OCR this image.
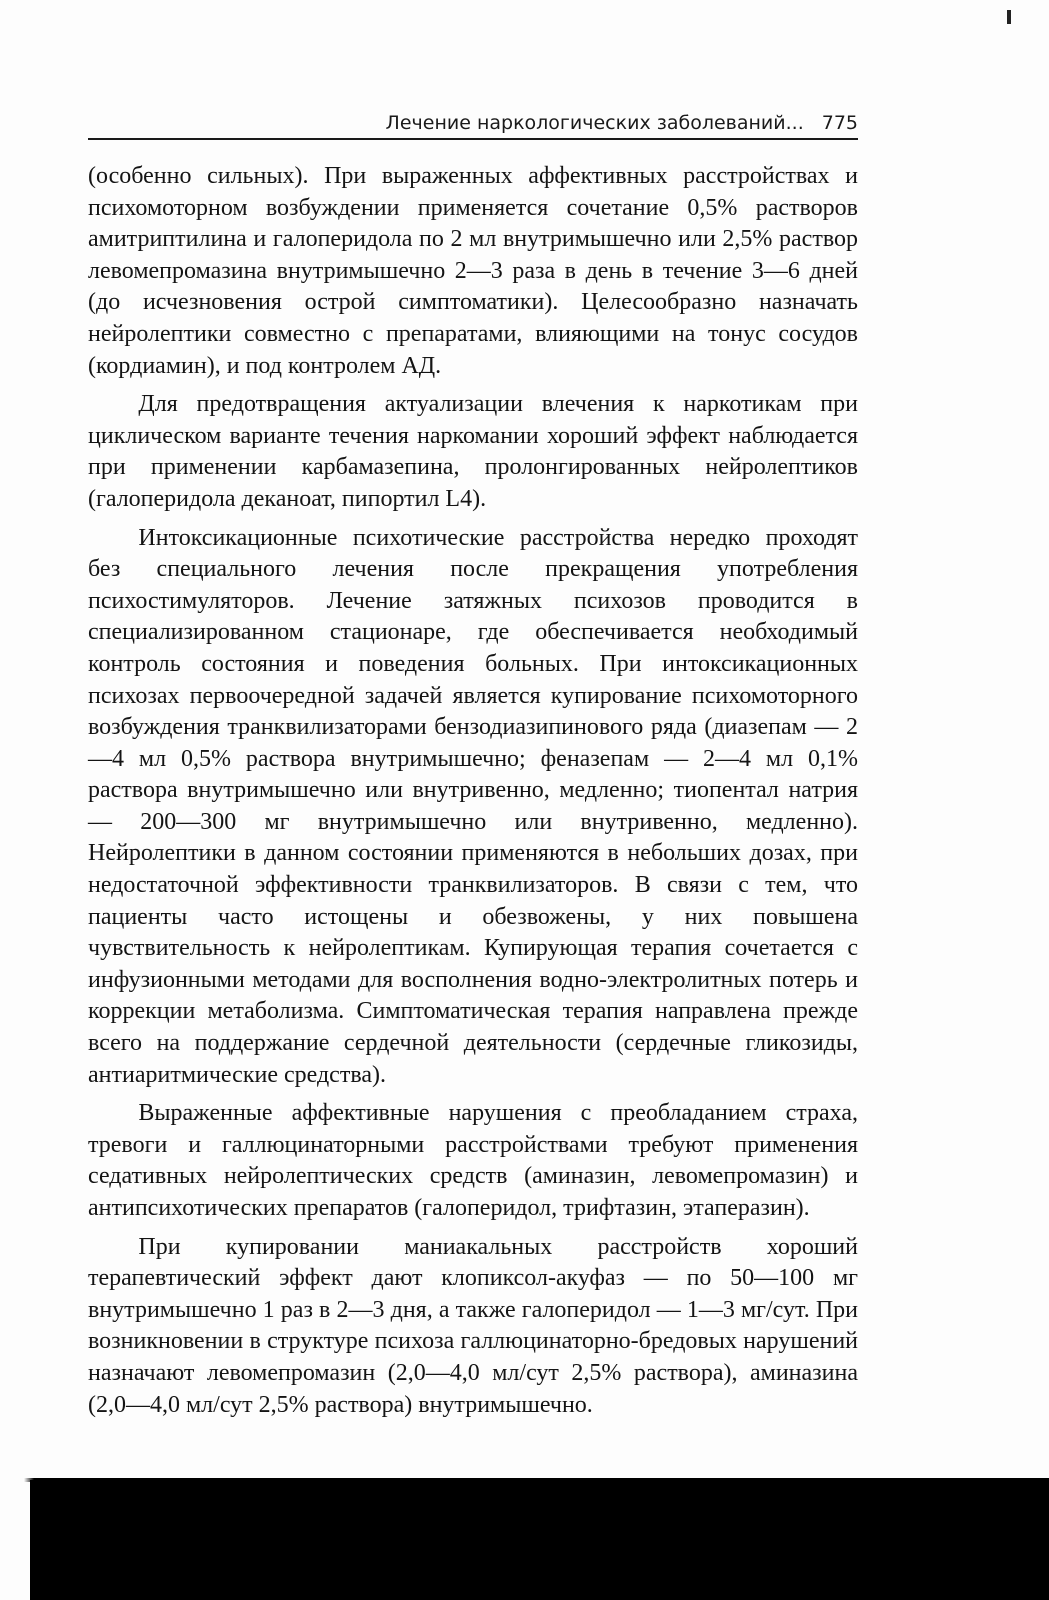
Лечение наркологических заболеваний... 775

(особенно сильных). При выраженных аффективных расстройствах и психомоторном возбуждении применяется сочетание 0,5% растворов амитриптилина и галоперидола по 2 мл внутримышечно или 2,5% раствор левомепромазина внутримышечно 2—3 раза в день в течение 3—6 дней (до исчезновения острой симптоматики). Целесообразно назначать нейролептики совместно с препаратами, влияющими на тонус сосудов (кордиамин), и под контролем АД.

Для предотвращения актуализации влечения к наркотикам при циклическом варианте течения наркомании хороший эффект наблюдается при применении карбамазепина, пролонгированных нейролептиков (галоперидола деканоат, пипортил L4).

Интоксикационные психотические расстройства нередко проходят без специального лечения после прекращения употребления психостимуляторов. Лечение затяжных психозов проводится в специализированном стационаре, где обеспечивается необходимый контроль состояния и поведения больных. При интоксикационных психозах первоочередной задачей является купирование психомоторного возбуждения транквилизаторами бензодиазипинового ряда (диазепам — 2—4 мл 0,5% раствора внутримышечно; феназепам — 2—4 мл 0,1% раствора внутримышечно или внутривенно, медленно; тиопентал натрия — 200—300 мг внутримышечно или внутривенно, медленно). Нейролептики в данном состоянии применяются в небольших дозах, при недостаточной эффективности транквилизаторов. В связи с тем, что пациенты часто истощены и обезвожены, у них повышена чувствительность к нейролептикам. Купирующая терапия сочетается с инфузионными методами для восполнения водно-электролитных потерь и коррекции метаболизма. Симптоматическая терапия направлена прежде всего на поддержание сердечной деятельности (сердечные гликозиды, антиаритмические средства).

Выраженные аффективные нарушения с преобладанием страха, тревоги и галлюцинаторными расстройствами требуют применения седативных нейролептических средств (аминазин, левомепромазин) и антипсихотических препаратов (галоперидол, трифтазин, этаперазин).

При купировании маниакальных расстройств хороший терапевтический эффект дают клопиксол-акуфаз — по 50—100 мг внутримышечно 1 раз в 2—3 дня, а также галоперидол — 1—3 мг/сут. При возникновении в структуре психоза галлюцинаторно-бредовых нарушений назначают левомепромазин (2,0—4,0 мл/сут 2,5% раствора), аминазина (2,0—4,0 мл/сут 2,5% раствора) внутримышечно.
